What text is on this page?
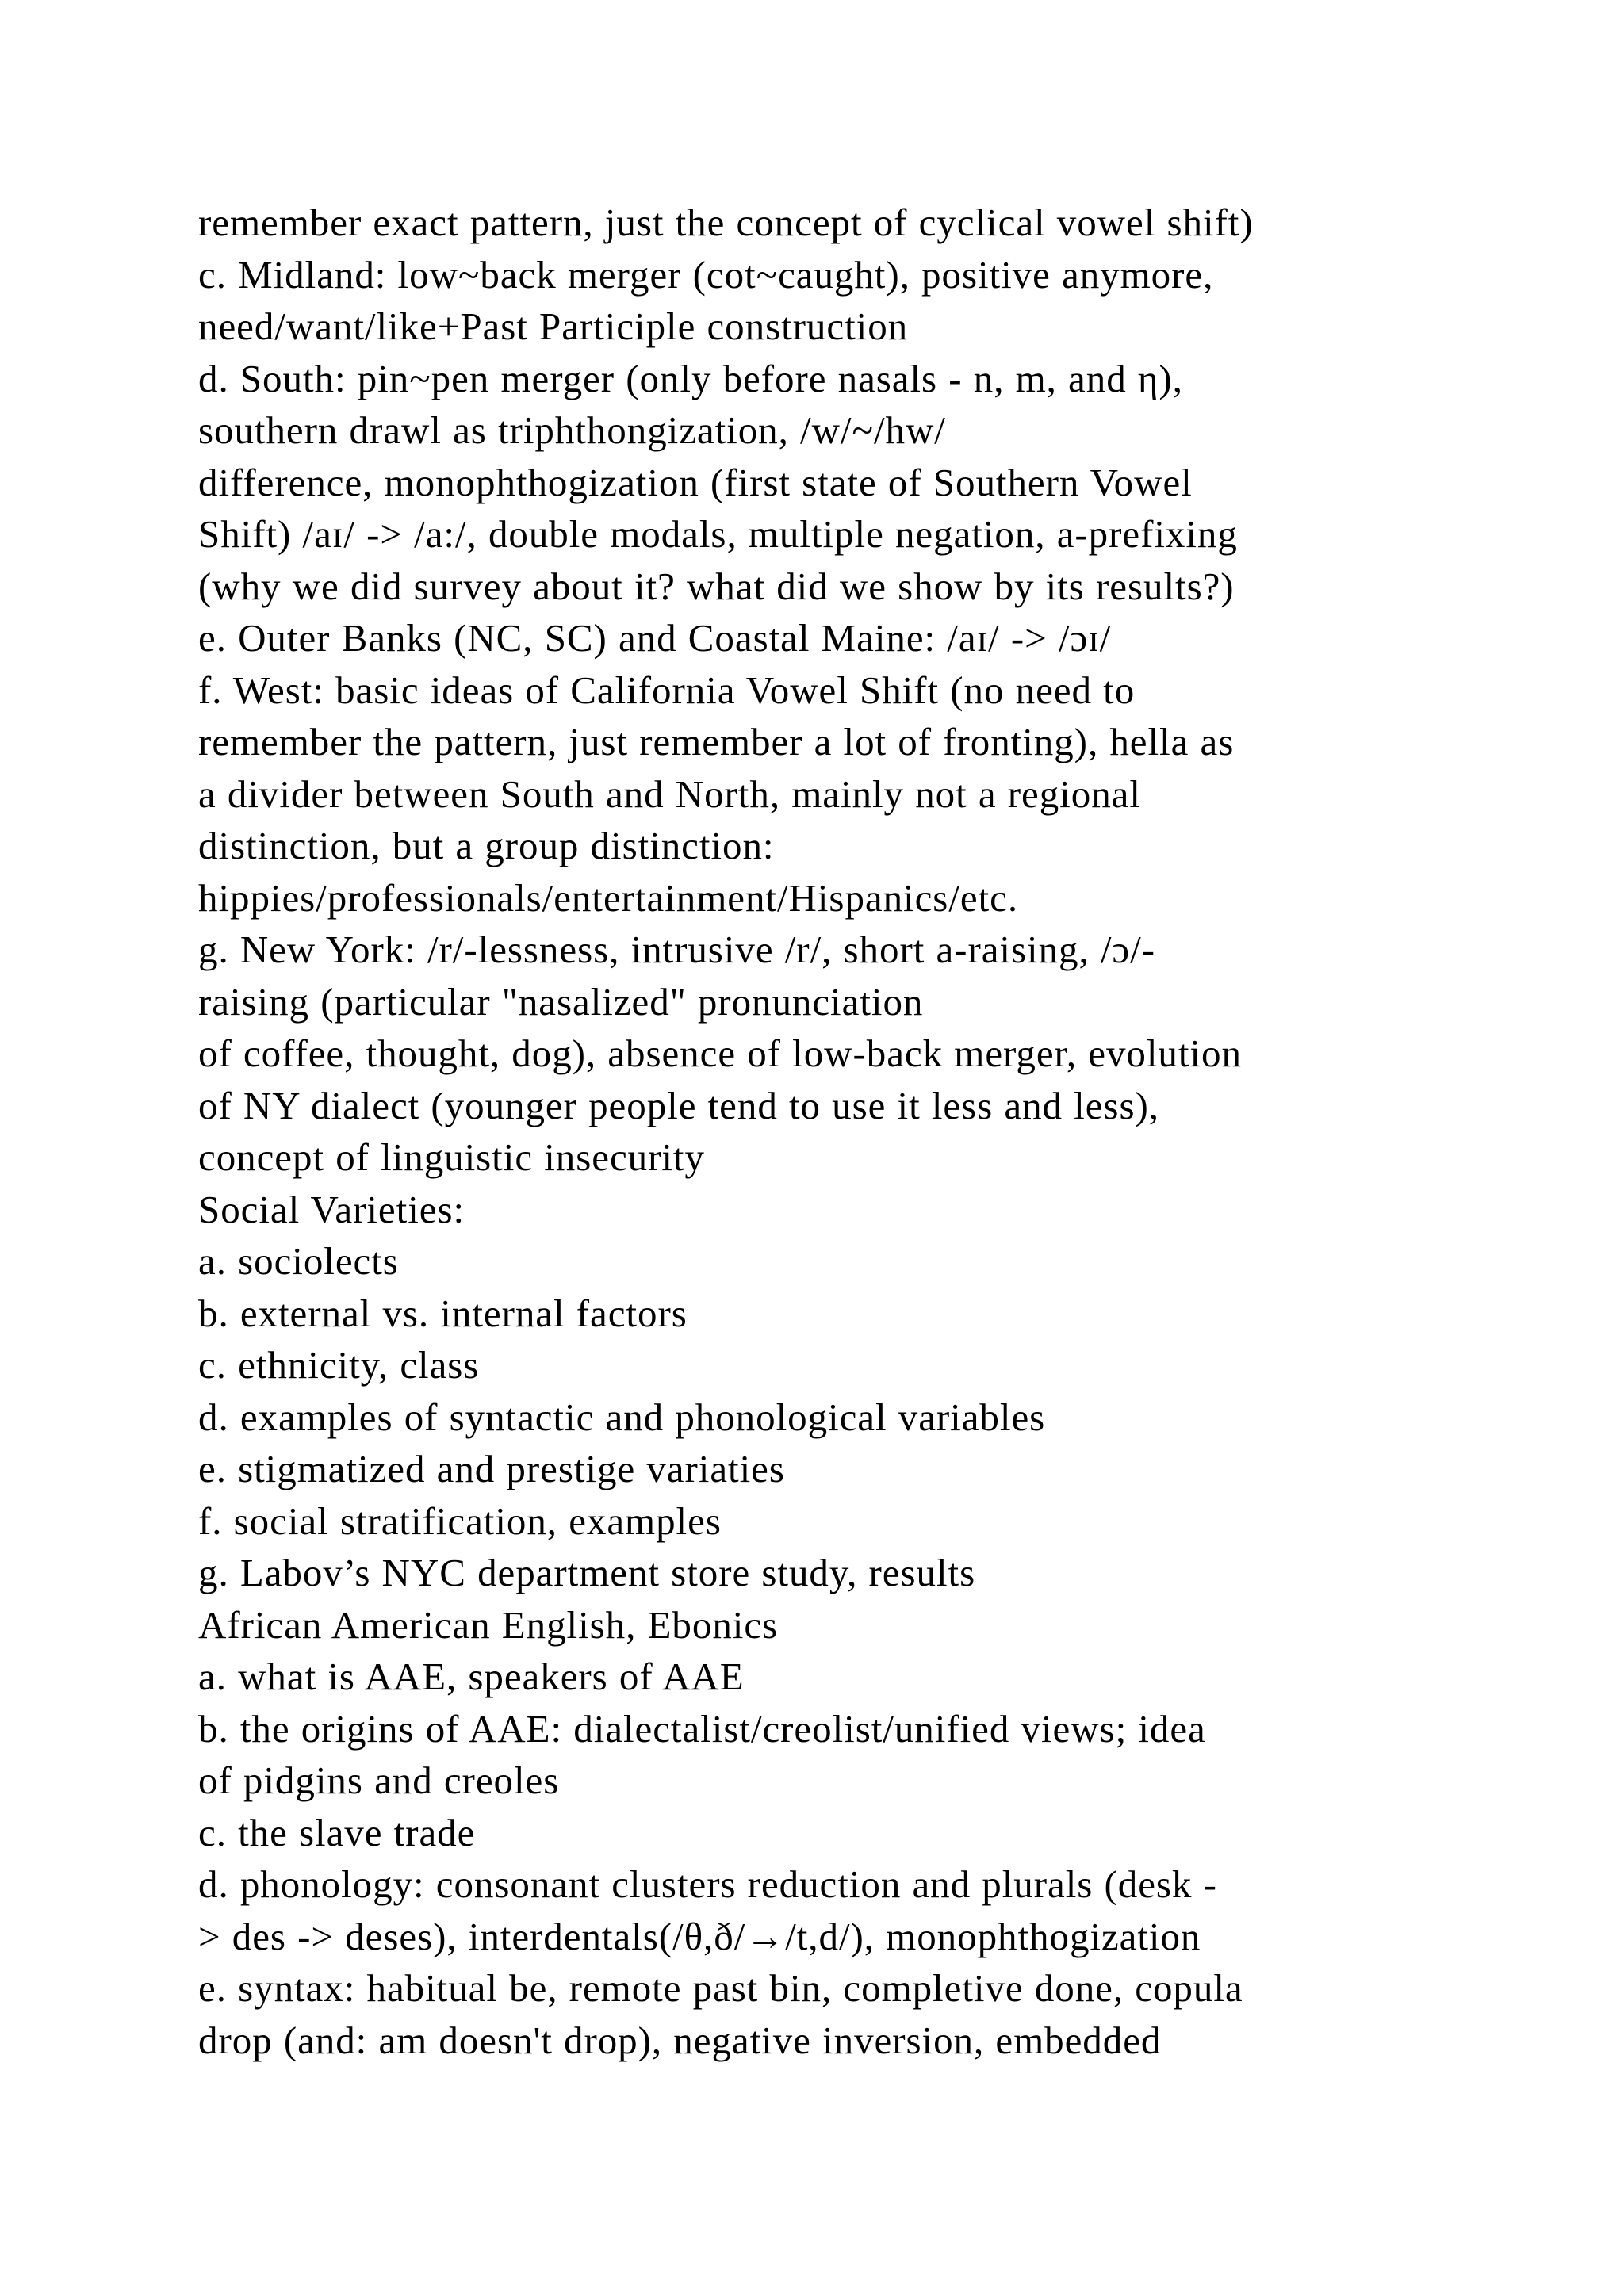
remember exact pattern, just the concept of cyclical vowel shift)
c. Midland: low~back merger (cot~caught), positive anymore,
need/want/like+Past Participle construction
d. South: pin~pen merger (only before nasals - n, m, and η),
southern drawl as triphthongization, /w/~/hw/
difference, monophthogization (first state of Southern Vowel
Shift) /aɪ/ -> /a:/, double modals, multiple negation, a-prefixing
(why we did survey about it? what did we show by its results?)
e. Outer Banks (NC, SC) and Coastal Maine: /aɪ/ -> /ɔɪ/
f. West: basic ideas of California Vowel Shift (no need to
remember the pattern, just remember a lot of fronting), hella as
a divider between South and North, mainly not a regional
distinction, but a group distinction:
hippies/professionals/entertainment/Hispanics/etc.
g. New York: /r/-lessness, intrusive /r/, short a-raising, /ɔ/-
raising (particular "nasalized" pronunciation
of coffee, thought, dog), absence of low-back merger, evolution
of NY dialect (younger people tend to use it less and less),
concept of linguistic insecurity
Social Varieties:
a. sociolects
b. external vs. internal factors
c. ethnicity, class
d. examples of syntactic and phonological variables
e. stigmatized and prestige variaties
f. social stratification, examples
g. Labov’s NYC department store study, results
African American English, Ebonics
a. what is AAE, speakers of AAE
b. the origins of AAE: dialectalist/creolist/unified views; idea
of pidgins and creoles
c. the slave trade
d. phonology: consonant clusters reduction and plurals (desk -
> des -> deses), interdentals(/θ,ð/→/t,d/), monophthogization
e. syntax: habitual be, remote past bin, completive done, copula
drop (and: am doesn't drop), negative inversion, embedded
